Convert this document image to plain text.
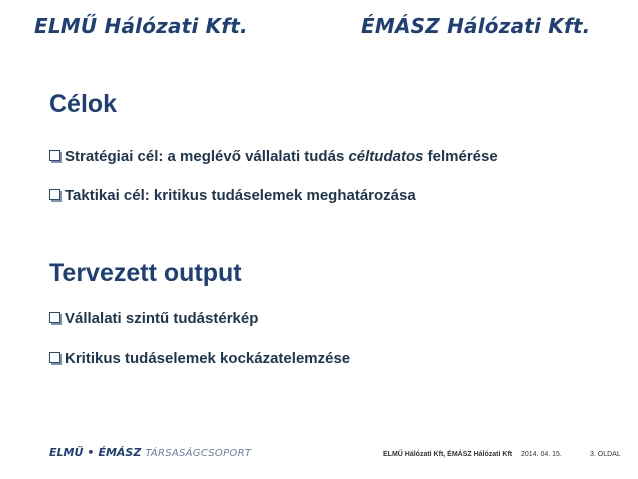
ELMŰ Hálózati Kft.	ÉMÁSZ Hálózati Kft.
Célok
Stratégiai cél: a meglévő vállalati tudás céltudatos felmérése
Taktikai cél: kritikus tudáselemek meghatározása
Tervezett output
Vállalati szintű tudástérkép
Kritikus tudáselemek kockázatelemzése
ELMŰ • ÉMÁSZ TÁRSASÁGCSOPORT	ELMŰ Hálózati Kft, ÉMÁSZ Hálózati Kft 2014. 04. 15.	3. OLDAL
